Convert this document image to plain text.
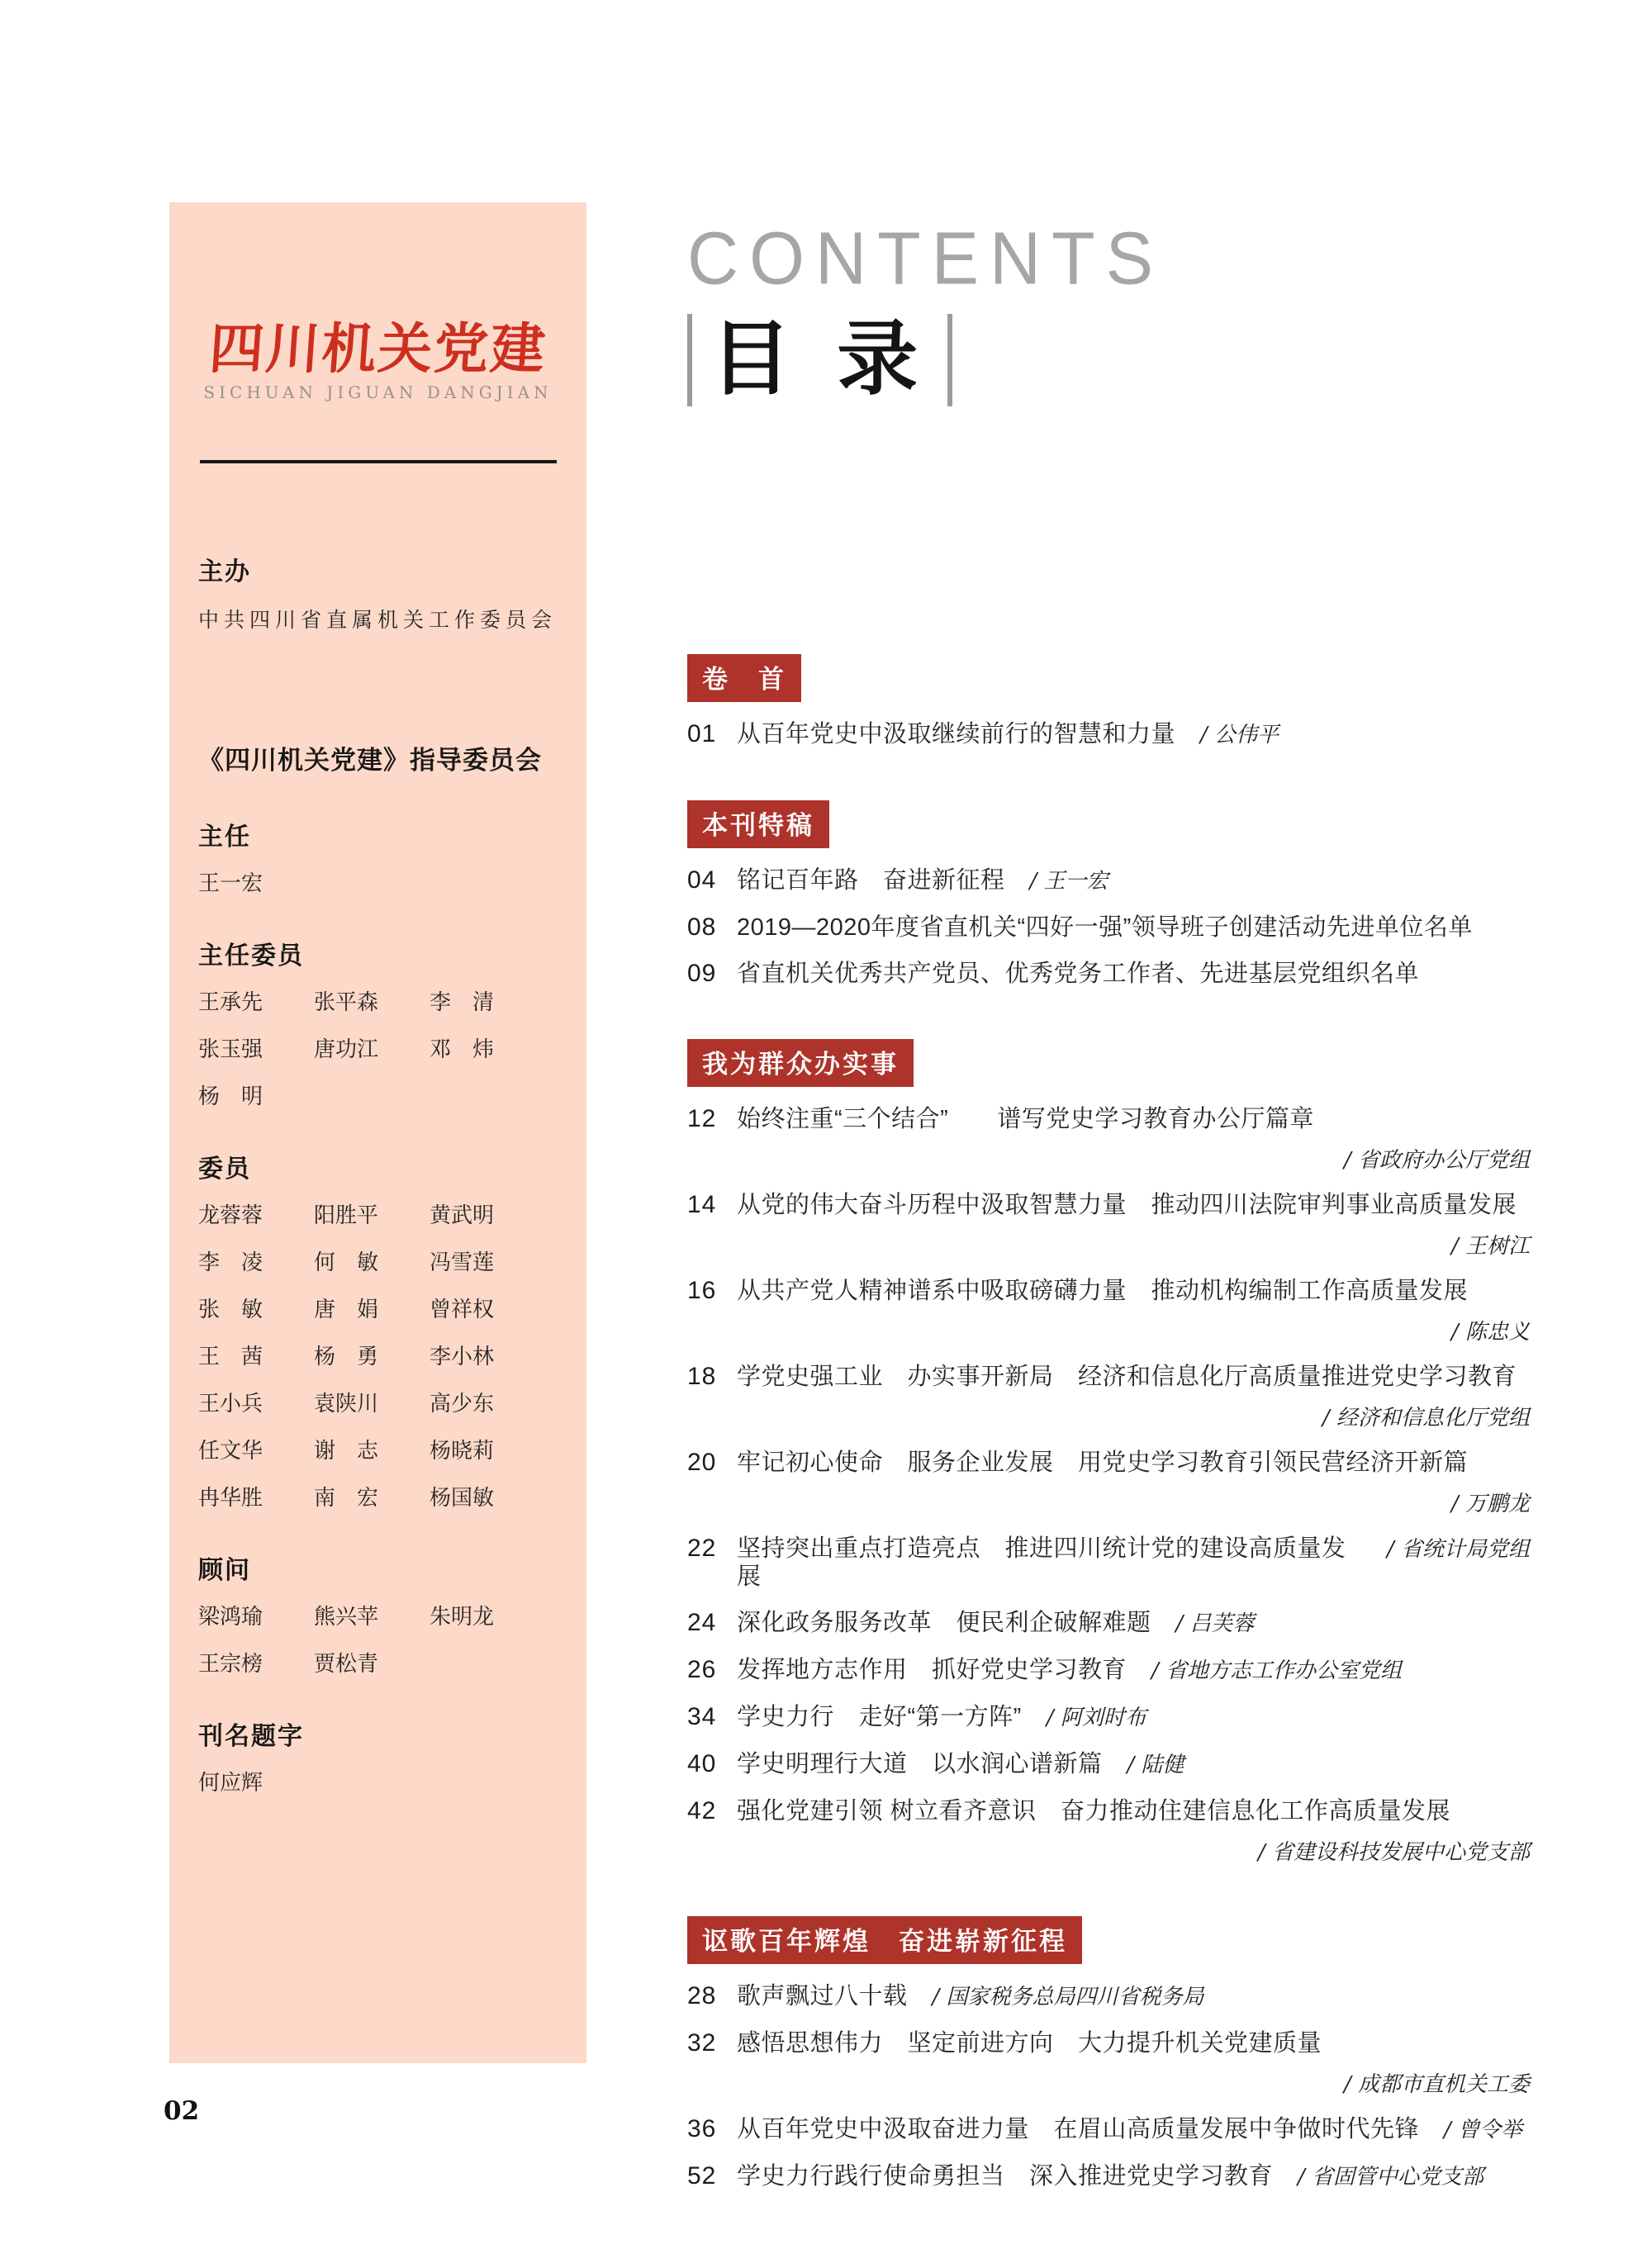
四川机关党建
SICHUAN JIGUAN DANGJIAN
主办
中共四川省直属机关工作委员会
《四川机关党建》指导委员会
主任
王一宏
主任委员
王承先	张平森	李　清
张玉强	唐功江	邓　炜
杨　明
委员
龙蓉蓉	阳胜平	黄武明
李　凌	何　敏	冯雪莲
张　敏	唐　娟	曾祥权
王　茜	杨　勇	李小林
王小兵	袁陕川	高少东
任文华	谢　志	杨晓莉
冉华胜	南　宏	杨国敏
顾问
梁鸿瑜	熊兴苹	朱明龙
王宗榜	贾松青
刊名题字
何应辉
CONTENTS
目 录
卷　首
01 从百年党史中汲取继续前行的智慧和力量 / 公伟平
本刊特稿
04 铭记百年路　奋进新征程 / 王一宏
08 2019—2020年度省直机关“四好一强”领导班子创建活动先进单位名单
09 省直机关优秀共产党员、优秀党务工作者、先进基层党组织名单
我为群众办实事
12 始终注重“三个结合”　　谱写党史学习教育办公厅篇章
/ 省政府办公厅党组
14 从党的伟大奋斗历程中汲取智慧力量　推动四川法院审判事业高质量发展
/ 王树江
16 从共产党人精神谱系中吸取磅礴力量　推动机构编制工作高质量发展
/ 陈忠义
18 学党史强工业　办实事开新局　经济和信息化厅高质量推进党史学习教育
/ 经济和信息化厅党组
20 牢记初心使命　服务企业发展　用党史学习教育引领民营经济开新篇
/ 万鹏龙
22 坚持突出重点打造亮点　推进四川统计党的建设高质量发展
/ 省统计局党组
24 深化政务服务改革　便民利企破解难题 / 吕芙蓉
26 发挥地方志作用　抓好党史学习教育 / 省地方志工作办公室党组
34 学史力行　走好“第一方阵” / 阿刘时布
40 学史明理行大道　以水润心谱新篇 / 陆健
42 强化党建引领 树立看齐意识　奋力推动住建信息化工作高质量发展
/ 省建设科技发展中心党支部
讴歌百年辉煌　奋进崭新征程
28 歌声飘过八十载 / 国家税务总局四川省税务局
32 感悟思想伟力　坚定前进方向　大力提升机关党建质量
/ 成都市直机关工委
36 从百年党史中汲取奋进力量　在眉山高质量发展中争做时代先锋 / 曾令举
52 学史力行践行使命勇担当　深入推进党史学习教育 / 省固管中心党支部
02
